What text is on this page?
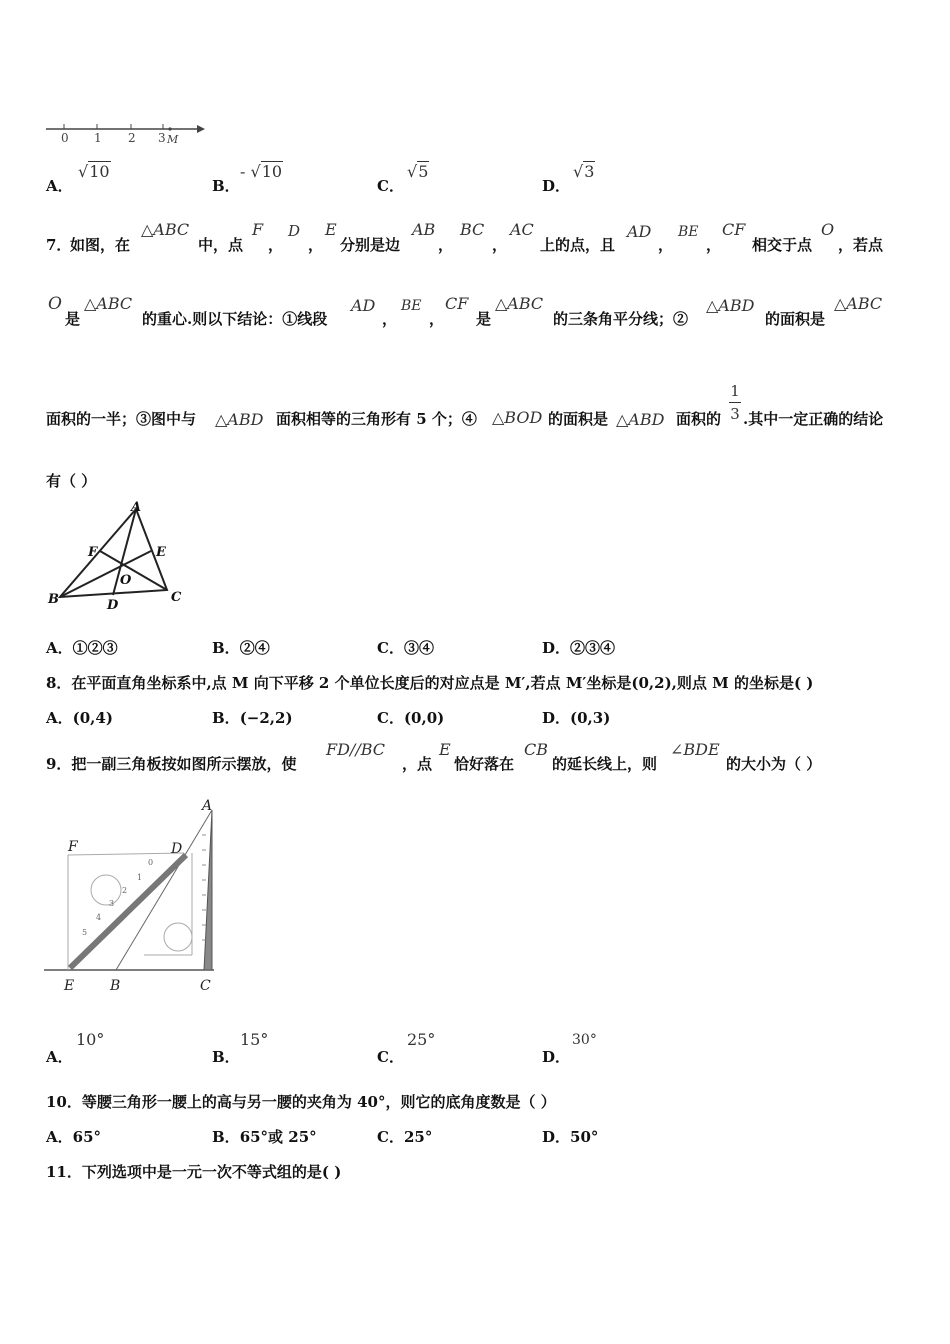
0 1 2 3 M
A．
√10
B．
- √10
C．
√5
D．
√3
7．
如图，在
△ABC
中，点
F
，
D
，
E
分别是边
AB
，
BC
，
AC
上的点，且
AD
，
BE
，
CF
相交于点
O
，若点
O
是
△ABC
的重心.则以下结论：①线段
AD
，
BE
，
CF
是
△ABC
的三条角平分线；②
△ABD
的面积是
△ABC
面积的一半；③图中与 △ABD 面积相等的三角形有 5 个；④ △BOD 的面积是 △ABD 面积的
1
3 .其中一定正确的结论
有（ ）
A
F	E
O
B	D
C
A．①②③	B．②④	C．③④	D．②③④
8．在平面直角坐标系中,点 M 向下平移 2 个单位长度后的对应点是 M′,若点 M′坐标是(0,2),则点 M 的坐标是( )
A．(0,4)	B．(−2,2)	C．(0,0)	D．(0,3)
9．把一副三角板按如图所示摆放，使
FD//BC
，点
E
恰好落在
CB
的延长线上，则
∠BDE
的大小为（ ）
0
1
2
3
4
5
A
F	D
E	B	C
A．
10°
B．
15°
C．
25°
D．
30°
10．等腰三角形一腰上的高与另一腰的夹角为 40°，则它的底角度数是（ ）
A．65°	B．65°或 25°	C．25°	D．50°
11．下列选项中是一元一次不等式组的是( )
